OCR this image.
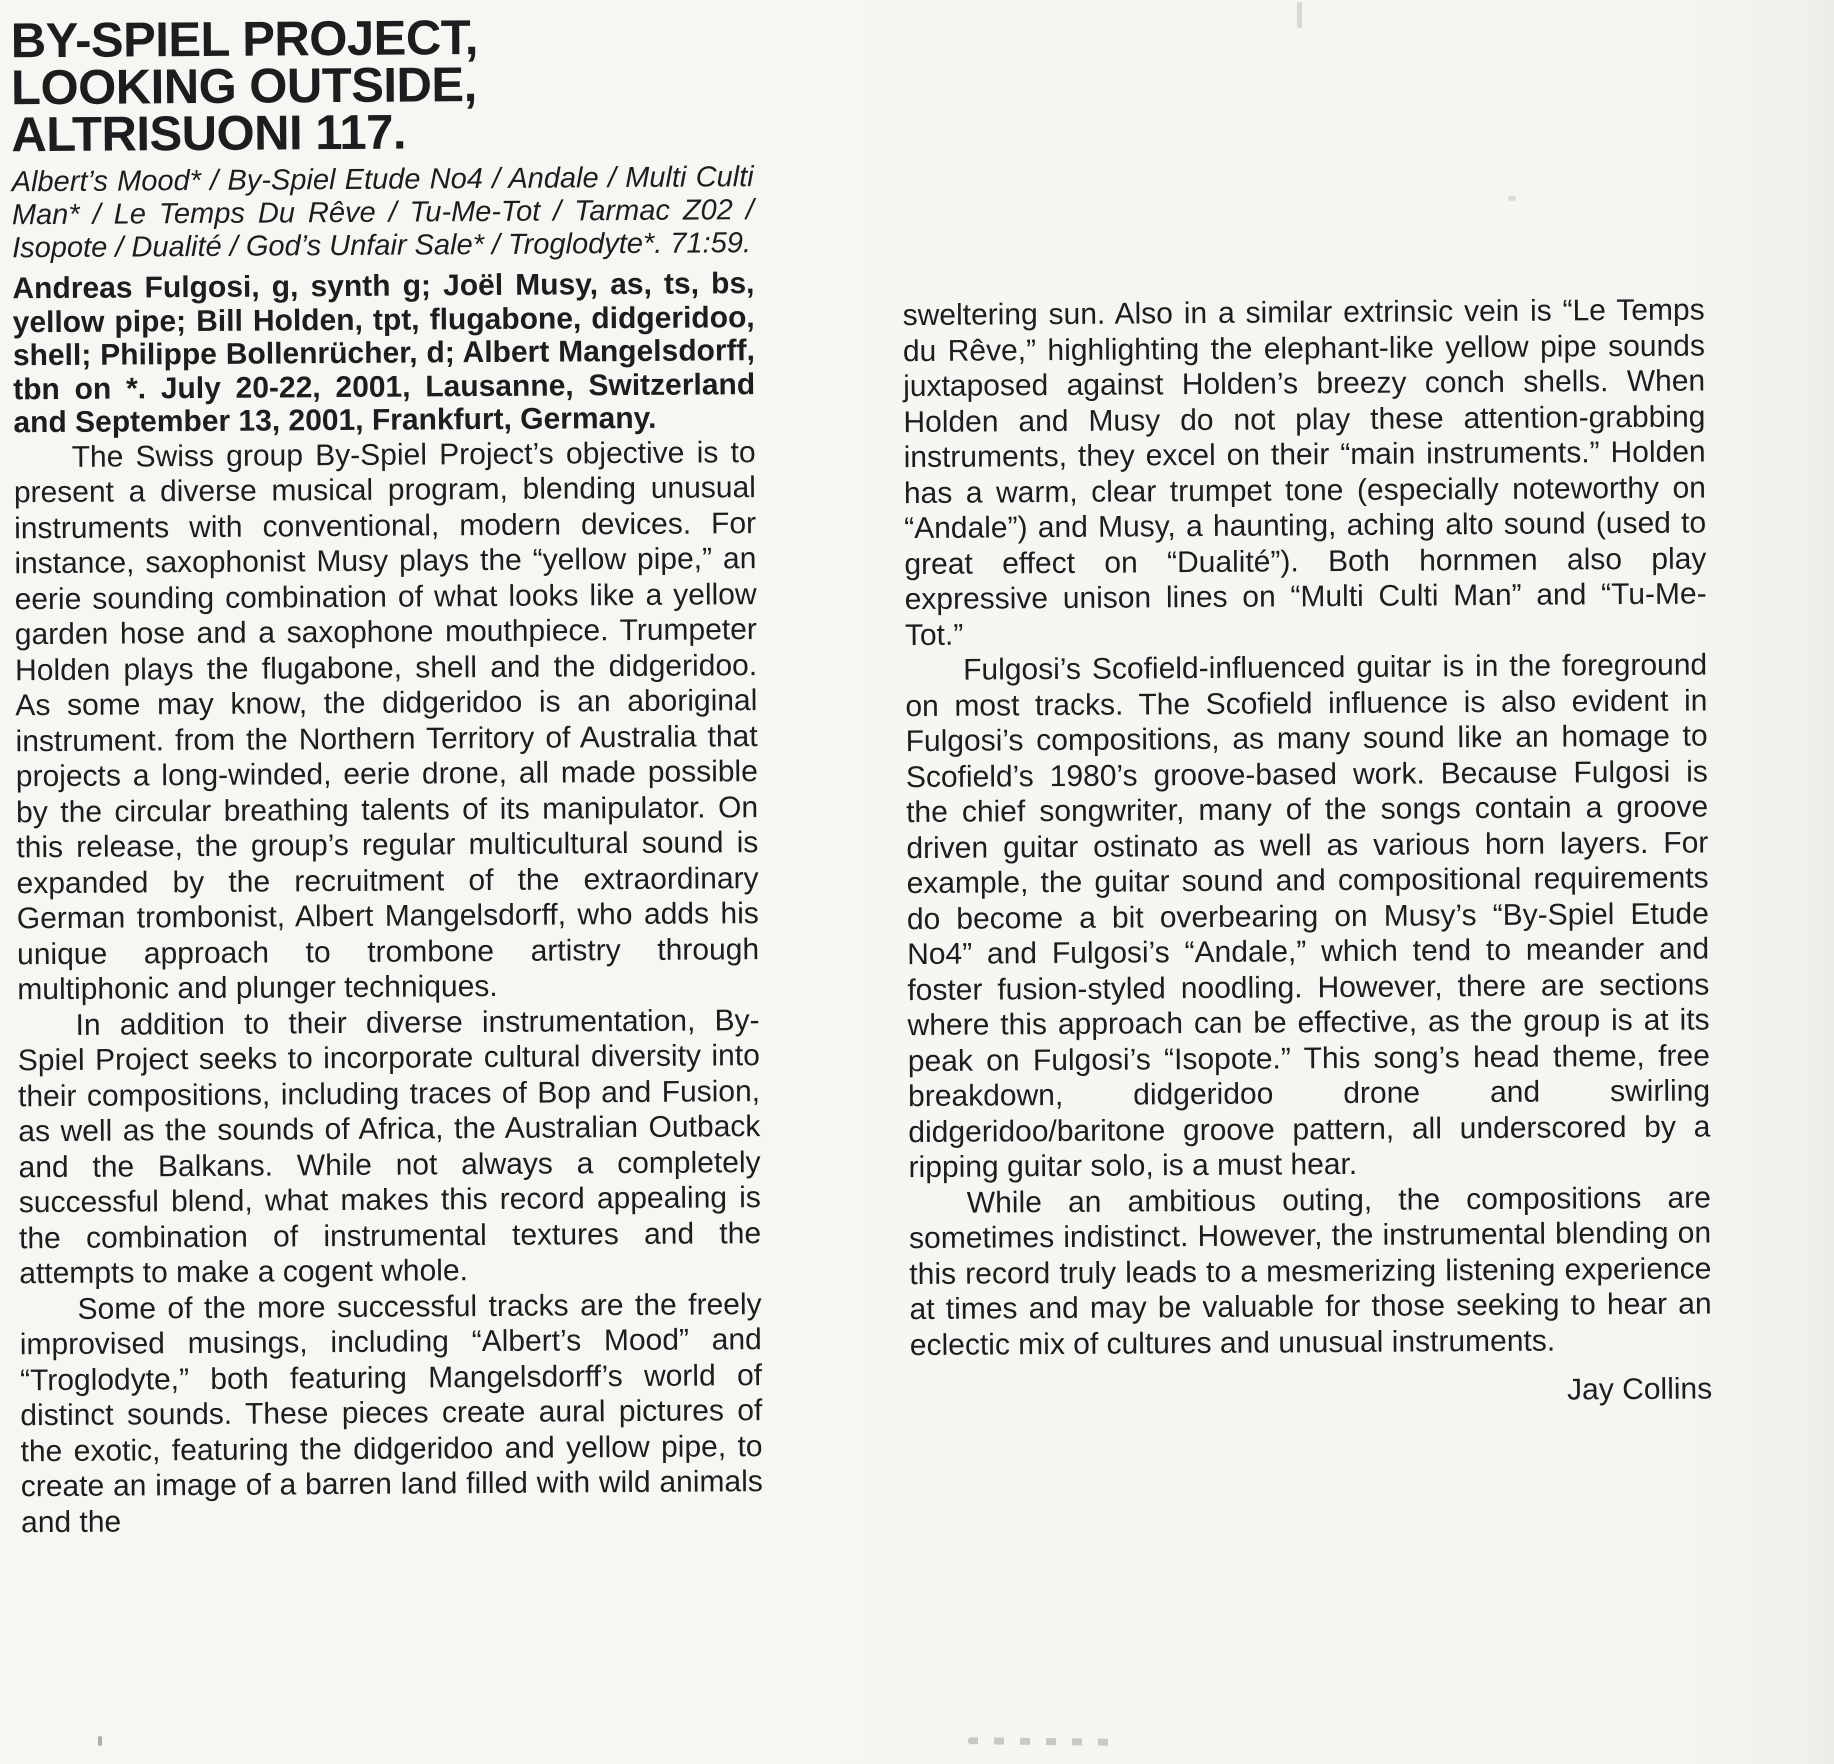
BY-SPIEL PROJECT,
LOOKING OUTSIDE,
ALTRISUONI 117.

Albert’s Mood* / By-Spiel Etude No4 / Andale / Multi Culti Man* / Le Temps Du Rêve / Tu-Me-Tot / Tarmac Z02 / Isopote / Dualité / God’s Unfair Sale* / Troglodyte*. 71:59.

Andreas Fulgosi, g, synth g; Joël Musy, as, ts, bs, yellow pipe; Bill Holden, tpt, flugabone, didgeridoo, shell; Philippe Bollenrücher, d; Albert Mangelsdorff, tbn on *. July 20-22, 2001, Lausanne, Switzerland and September 13, 2001, Frankfurt, Germany.

The Swiss group By-Spiel Project’s objective is to present a diverse musical program, blending unusual instruments with conventional, modern devices. For instance, saxophonist Musy plays the “yellow pipe,” an eerie sounding combination of what looks like a yellow garden hose and a saxophone mouthpiece. Trumpeter Holden plays the flugabone, shell and the didgeridoo. As some may know, the didgeridoo is an aboriginal instrument. from the Northern Territory of Australia that projects a long-winded, eerie drone, all made possible by the circular breathing talents of its manipulator. On this release, the group’s regular multicultural sound is expanded by the recruitment of the extraordinary German trombonist, Albert Mangelsdorff, who adds his unique approach to trombone artistry through multiphonic and plunger techniques.

In addition to their diverse instrumentation, By-Spiel Project seeks to incorporate cultural diversity into their compositions, including traces of Bop and Fusion, as well as the sounds of Africa, the Australian Outback and the Balkans. While not always a completely successful blend, what makes this record appealing is the combination of instrumental textures and the attempts to make a cogent whole.

Some of the more successful tracks are the freely improvised musings, including “Albert’s Mood” and “Troglodyte,” both featuring Mangelsdorff’s world of distinct sounds. These pieces create aural pictures of the exotic, featuring the didgeridoo and yellow pipe, to create an image of a barren land filled with wild animals and the

sweltering sun. Also in a similar extrinsic vein is “Le Temps du Rêve,” highlighting the elephant-like yellow pipe sounds juxtaposed against Holden’s breezy conch shells. When Holden and Musy do not play these attention-grabbing instruments, they excel on their “main instruments.” Holden has a warm, clear trumpet tone (especially noteworthy on “Andale”) and Musy, a haunting, aching alto sound (used to great effect on “Dualité”). Both hornmen also play expressive unison lines on “Multi Culti Man” and “Tu-Me-Tot.”

Fulgosi’s Scofield-influenced guitar is in the foreground on most tracks. The Scofield influence is also evident in Fulgosi’s compositions, as many sound like an homage to Scofield’s 1980’s groove-based work. Because Fulgosi is the chief songwriter, many of the songs contain a groove driven guitar ostinato as well as various horn layers. For example, the guitar sound and compositional requirements do become a bit overbearing on Musy’s “By-Spiel Etude No4” and Fulgosi’s “Andale,” which tend to meander and foster fusion-styled noodling. However, there are sections where this approach can be effective, as the group is at its peak on Fulgosi’s “Isopote.” This song’s head theme, free breakdown, didgeridoo drone and swirling didgeridoo/baritone groove pattern, all underscored by a ripping guitar solo, is a must hear.

While an ambitious outing, the compositions are sometimes indistinct. However, the instrumental blending on this record truly leads to a mesmerizing listening experience at times and may be valuable for those seeking to hear an eclectic mix of cultures and unusual instruments.

Jay Collins
